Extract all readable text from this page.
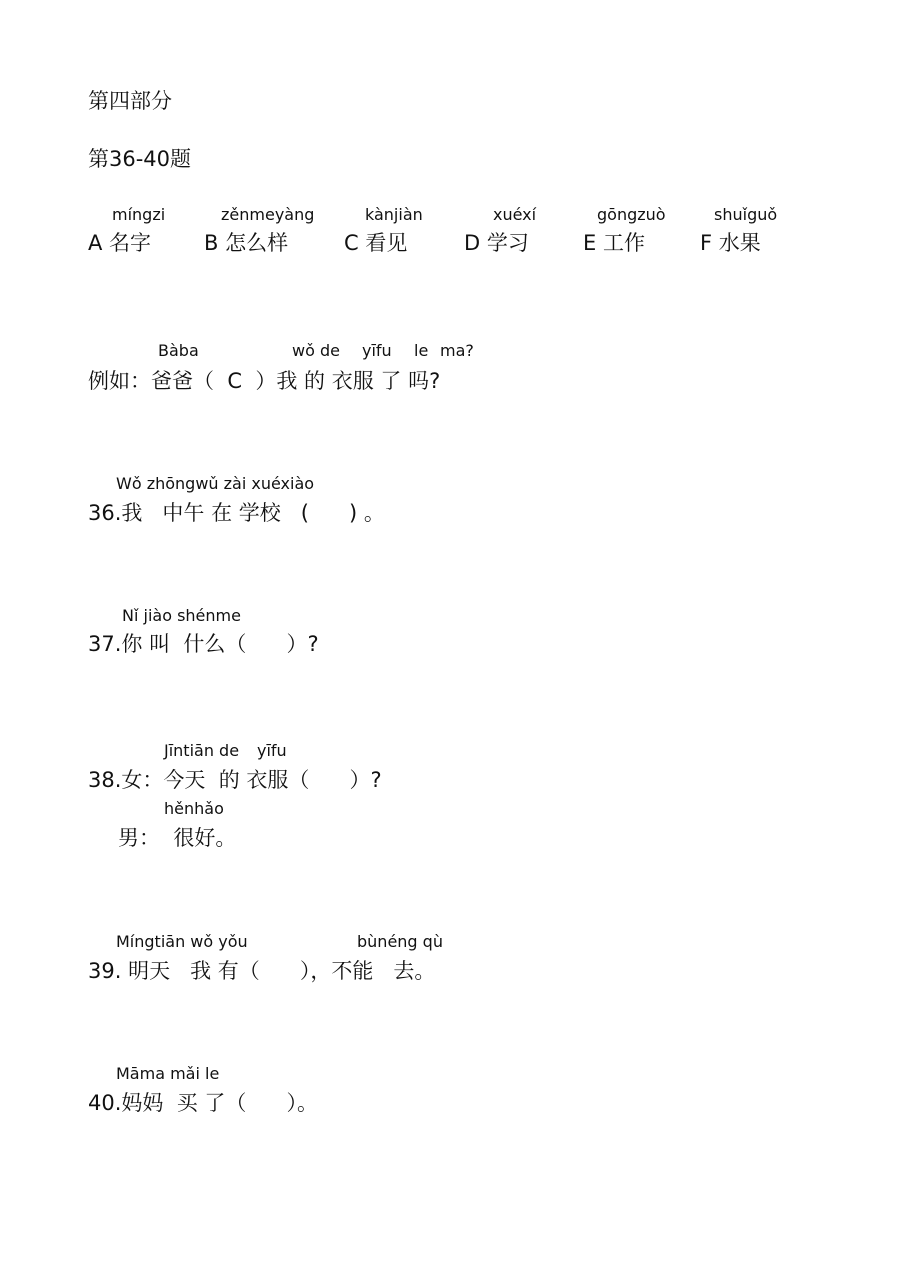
第四部分
第36-40题
míngzi
A 名字
zěnmeyàng
B 怎么样
kànjiàn
C 看见
xuéxí
D 学习
gōngzuò
E 工作
shuǐguǒ
F 水果
Bàba	wǒ de yīfu le ma?
例如：爸爸（  C  ）我 的 衣服 了 吗?
Wǒ zhōngwǔ zài xuéxiào
36.我   中午 在 学校   (      ) 。
Nǐ jiào shénme
37.你 叫  什么（      ）?
Jīntiān de yīfu
38.女：今天  的 衣服（      ）?
hěnhǎo
男：  很好。
Míngtiān wǒ yǒu	bùnéng qù
39. 明天   我 有（      ），不能   去。
Māma mǎi le
40.妈妈  买 了（      ）。
